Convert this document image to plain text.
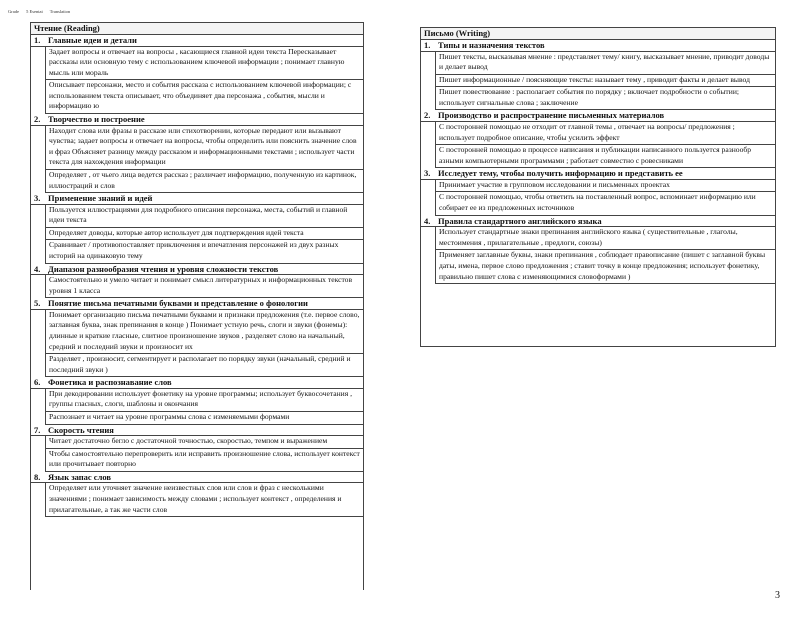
Grade 5 Esentai Translation
Чтение (Reading)
1. Главные идеи и детали
Задает вопросы и отвечает на вопросы , касающиеся главной идеи текста Пересказывает рассказы или основную тему с использованием ключевой информации ; понимает главную мысль или мораль
Описывает персонажи, место и события рассказа с использованием ключевой информации; с использованием текста описывает, что объединяет два персонажа , события, мысли и информацию ю
2. Творчество и построение
Находит слова или фразы в рассказе или стихотворении, которые передают или вызывают чувства; задает вопросы и отвечает на вопросы, чтобы определить или пояснить значение слов и фраз Объясняет разницу между рассказом и информационными текстами ; использует части текста для нахождения информации
Определяет , от чьего лица ведется рассказ ; различает информацию, полученную из картинок, иллюстраций и слов
3. Применение знаний и идей
Пользуется иллюстрациями для подробного описания персонажа, места, событий и главной идеи текста
Определяет доводы, которые автор использует для подтверждения идей текста
Сравнивает / противопоставляет приключения и впечатления персонажей из двух разных историй на одинаковую тему
4. Диапазон разнообразия чтения и уровня сложности текстов
Самостоятельно и умело читает и понимает смысл литературных и информационных текстов уровня 1 класса
5. Понятие письма печатными буквами и представление о фонологии
Понимает организацию письма печатными буквами и признаки предложения (т.е. первое слово, заглавная буква, знак препинания в конце ) Понимает устную речь, слоги и звуки (фонемы): длинные и краткие гласные, слитное произношение звуков , разделяет слово на начальный, средний и последний звуки и произносит их
Разделяет , произносит, сегментирует и располагает по порядку звуки (начальный, средний и последний звуки )
6. Фонетика и распознавание слов
При декодировании использует фонетику на уровне программы; использует буквосочетания , группы гласных, слоги, шаблоны и окончания
Распознает и читает на уровне программы слова с изменяемыми формами
7. Скорость чтения
Читает достаточно бегло с достаточной точностью, скоростью, темпом и выражением
Чтобы самостоятельно перепроверить или исправить произношение слова, использует контекст или прочитывает повторно
8. Язык запас слов
Определяет или уточняет значение неизвестных слов или слов и фраз с несколькими значениями ; понимает зависимость между словами ; использует контекст , определения и прилагательные, а так же части слов
Письмо (Writing)
1. Типы и назначения текстов
Пишет тексты, высказывая мнение : представляет тему/ книгу, высказывает мнение, приводит доводы и делает вывод
Пишет информационные / поясняющие тексты: называет тему , приводит факты и делает вывод
Пишет повествование : располагает события по порядку ; включает подробности о событии; использует сигнальные слова ; заключение
2. Производство и распространение письменных материалов
С посторонней помощью не отходит от главной темы , отвечает на вопросы/ предложения ; использует подробное описание, чтобы усилить эффект
С посторонней помощью в процессе написания и публикации написанного пользуется разнообр азными компьютерными программами ; работает совместно с ровесниками
3. Исследует тему, чтобы получить информацию и представить ее
Принимает участие в групповом исследовании и письменных проектах
С посторонней помощью, чтобы ответить на поставленный вопрос, вспоминает информацию или собирает ее из предложенных источников
4. Правила стандартного английского языка
Использует стандартные знаки препинания английского языка ( существительные , глаголы, местоимения , прилагательные , предлоги, союзы)
Применяет заглавные буквы, знаки препинания , соблюдает правописание (пишет с заглавной буквы даты, имена, первое слово предложения ; ставит точку в конце предложения; использует фонетику, правильно пишет слова с изменяющимися словоформами )
3
